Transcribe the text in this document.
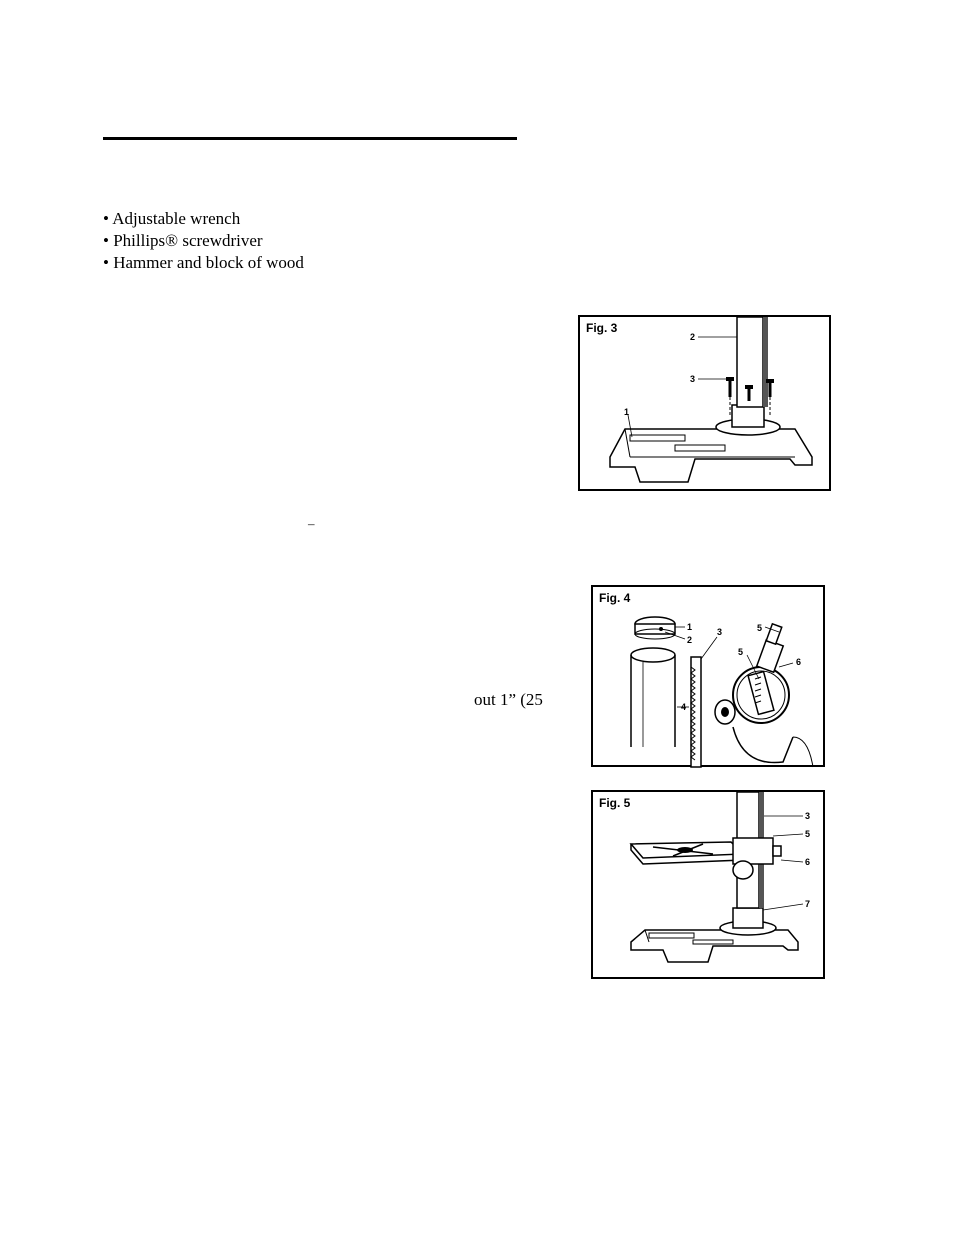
• Adjustable wrench
• Phillips® screwdriver
• Hammer and block of wood
–
out 1” (25
2
3
1
Fig. 3
1
2
3	5
5
6
4
Fig. 4
3
5
6
7
Fig. 5
